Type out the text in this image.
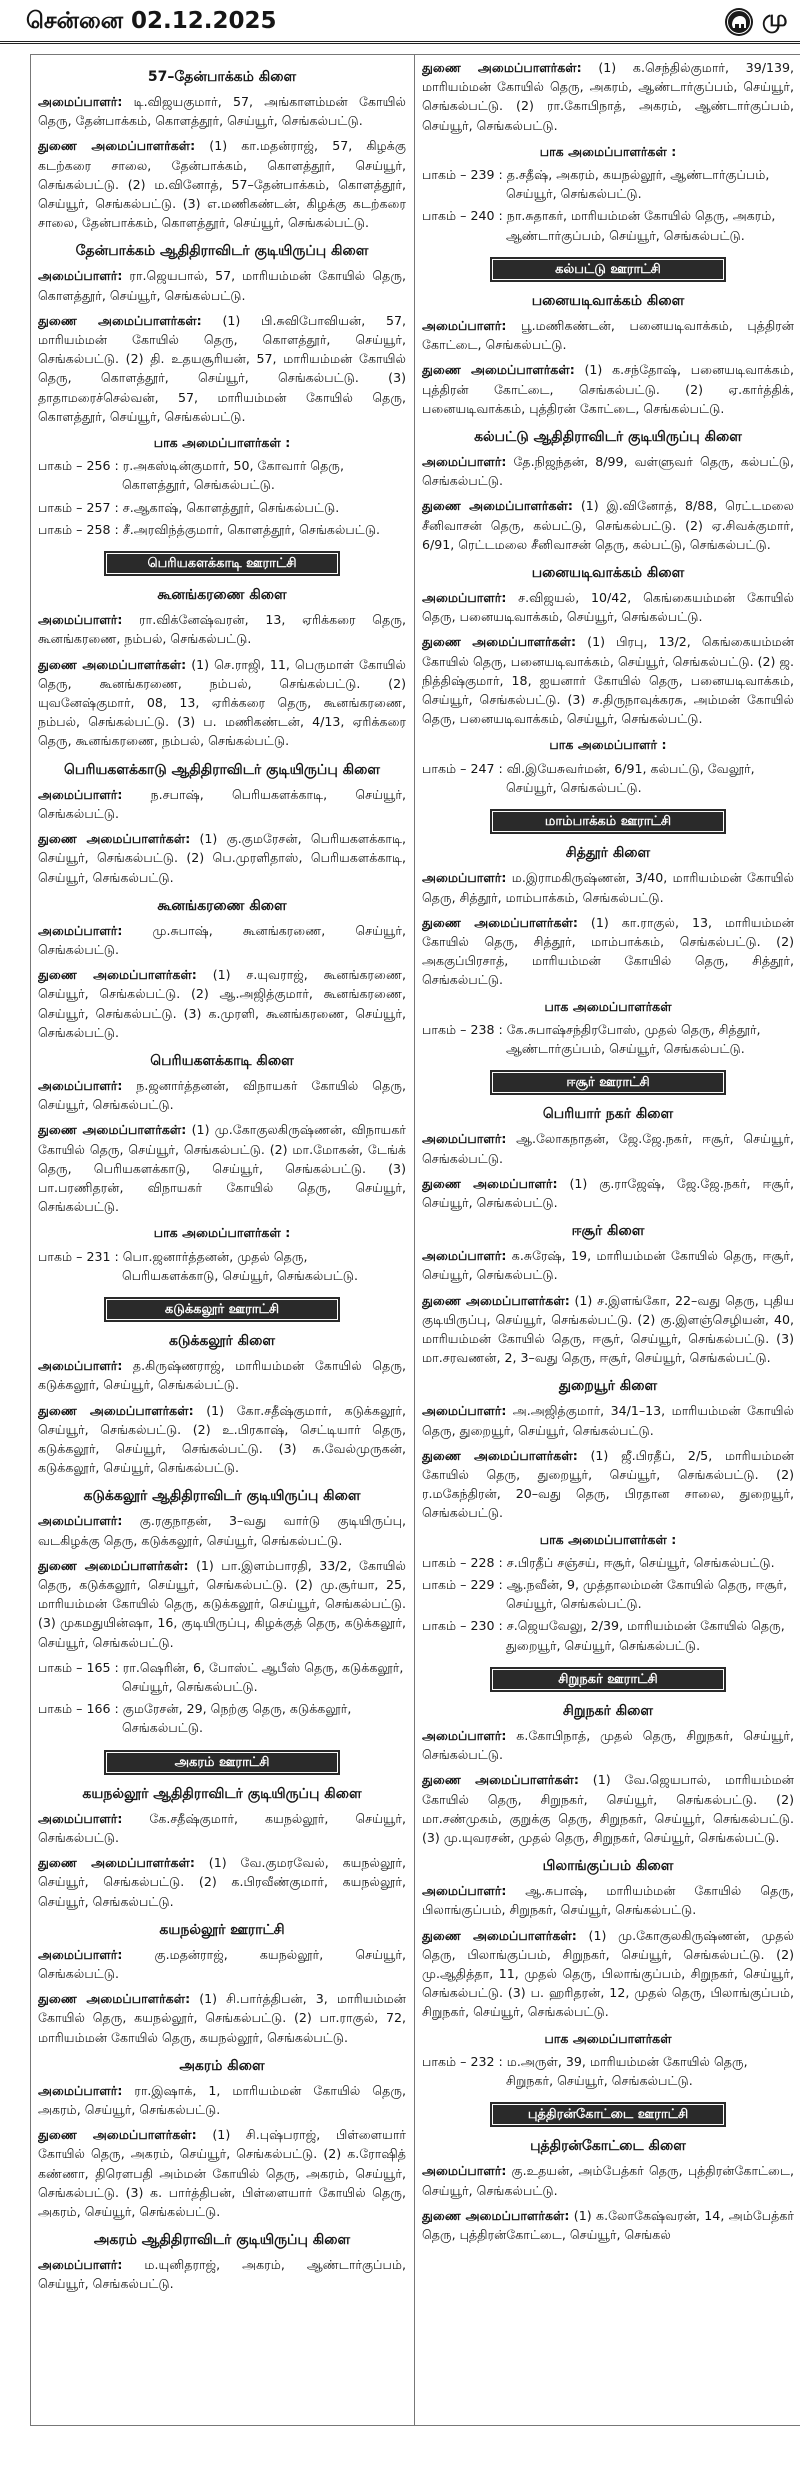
சென்னை 02.12.2025	மு
57–தேன்பாக்கம் கிளை
அமைப்பாளர்: டி.விஜயகுமார், 57, அங்காளம்மன் கோயில் தெரு, தேன்பாக்கம், கொளத்தூர், செய்யூர், செங்கல்பட்டு.
துணை அமைப்பாளர்கள்: (1) கா.மதன்ராஜ், 57, கிழக்கு கடற்கரை சாலை, தேன்பாக்கம், கொளத்தூர், செய்யூர், செங்கல்பட்டு. (2) ம.வினோத், 57–தேன்பாக்கம், கொளத்தூர், செய்யூர், செங்கல்பட்டு. (3) எ.மணிகண்டன், கிழக்கு கடற்கரை சாலை, தேன்பாக்கம், கொளத்தூர், செய்யூர், செங்கல்பட்டு.
தேன்பாக்கம் ஆதிதிராவிடர் குடியிருப்பு கிளை
அமைப்பாளர்: ரா.ஜெயபால், 57, மாரியம்மன் கோயில் தெரு, கொளத்தூர், செய்யூர், செங்கல்பட்டு.
துணை அமைப்பாளர்கள்: (1) பி.சுவிபோவியன், 57, மாரியம்மன் கோயில் தெரு, கொளத்தூர், செய்யூர், செங்கல்பட்டு. (2) தி. உதயசூரியன், 57, மாரியம்மன் கோயில் தெரு, கொளத்தூர், செய்யூர், செங்கல்பட்டு. (3) தாதாமரைச்செல்வன், 57, மாரியம்மன் கோயில் தெரு, கொளத்தூர், செய்யூர், செங்கல்பட்டு.
பாக அமைப்பாளர்கள் :
பாகம் – 256 : ர.அகஸ்டின்குமார், 50, கோவார் தெரு, கொளத்தூர், செங்கல்பட்டு.
பாகம் – 257 : ச.ஆகாஷ், கொளத்தூர், செங்கல்பட்டு.
பாகம் – 258 : சீ.அரவிந்த்குமார், கொளத்தூர், செங்கல்பட்டு.
பெரியகளக்காடி ஊராட்சி
கூனங்கரணை கிளை
அமைப்பாளர்: ரா.விக்னேஷ்வரன், 13, ஏரிக்கரை தெரு, கூனங்கரணை, நம்பல், செங்கல்பட்டு.
துணை அமைப்பாளர்கள்: (1) செ.ராஜி, 11, பெருமாள் கோயில் தெரு, கூனங்கரணை, நம்பல், செங்கல்பட்டு. (2) யுவனேஷ்குமார், 08, 13, ஏரிக்கரை தெரு, கூனங்கரணை, நம்பல், செங்கல்பட்டு. (3) ப. மணிகண்டன், 4/13, ஏரிக்கரை தெரு, கூனங்கரணை, நம்பல், செங்கல்பட்டு.
பெரியகளக்காடு ஆதிதிராவிடர் குடியிருப்பு கிளை
அமைப்பாளர்: ந.சபாஷ், பெரியகளக்காடி, செய்யூர், செங்கல்பட்டு.
துணை அமைப்பாளர்கள்: (1) கு.குமரேசன், பெரியகளக்காடி, செய்யூர், செங்கல்பட்டு. (2) பெ.முரளிதாஸ், பெரியகளக்காடி, செய்யூர், செங்கல்பட்டு.
கூனங்கரணை கிளை
அமைப்பாளர்: மு.சுபாஷ், கூனங்கரணை, செய்யூர், செங்கல்பட்டு.
துணை அமைப்பாளர்கள்: (1) ச.யுவராஜ், கூனங்கரணை, செய்யூர், செங்கல்பட்டு. (2) ஆ.அஜித்குமார், கூனங்கரணை, செய்யூர், செங்கல்பட்டு. (3) க.முரளி, கூனங்கரணை, செய்யூர், செங்கல்பட்டு.
பெரியகளக்காடி கிளை
அமைப்பாளர்: ந.ஜனார்த்தனன், விநாயகர் கோயில் தெரு, செய்யூர், செங்கல்பட்டு.
துணை அமைப்பாளர்கள்: (1) மு.கோகுலகிருஷ்ணன், விநாயகர் கோயில் தெரு, செய்யூர், செங்கல்பட்டு. (2) மா.மோகன், டேங்க் தெரு, பெரியகளக்காடு, செய்யூர், செங்கல்பட்டு. (3) பா.பரணிதரன், விநாயகர் கோயில் தெரு, செய்யூர், செங்கல்பட்டு.
பாக அமைப்பாளர்கள் :
பாகம் – 231 : பொ.ஜனார்த்தனன், முதல் தெரு, பெரியகளக்காடு, செய்யூர், செங்கல்பட்டு.
கடுக்கலூர் ஊராட்சி
கடுக்கலூர் கிளை
அமைப்பாளர்: த.கிருஷ்ணராஜ், மாரியம்மன் கோயில் தெரு, கடுக்கலூர், செய்யூர், செங்கல்பட்டு.
துணை அமைப்பாளர்கள்: (1) கோ.சதீஷ்குமார், கடுக்கலூர், செய்யூர், செங்கல்பட்டு. (2) உ.பிரகாஷ், செட்டியார் தெரு, கடுக்கலூர், செய்யூர், செங்கல்பட்டு. (3) சு.வேல்முருகன், கடுக்கலூர், செய்யூர், செங்கல்பட்டு.
கடுக்கலூர் ஆதிதிராவிடர் குடியிருப்பு கிளை
அமைப்பாளர்: கு.ரகுநாதன், 3–வது வார்டு குடியிருப்பு, வடகிழக்கு தெரு, கடுக்கலூர், செய்யூர், செங்கல்பட்டு.
துணை அமைப்பாளர்கள்: (1) பா.இளம்பாரதி, 33/2, கோயில் தெரு, கடுக்கலூர், செய்யூர், செங்கல்பட்டு. (2) மு.சூர்யா, 25, மாரியம்மன் கோயில் தெரு, கடுக்கலூர், செய்யூர், செங்கல்பட்டு. (3) முகமதுயின்ஷா, 16, குடியிருப்பு, கிழக்குத் தெரு, கடுக்கலூர், செய்யூர், செங்கல்பட்டு.
பாகம் – 165 : ரா.ஷெரின், 6, போஸ்ட் ஆபீஸ் தெரு, கடுக்கலூர், செய்யூர், செங்கல்பட்டு.
பாகம் – 166 : குமரேசன், 29, நெற்கு தெரு, கடுக்கலூர், செங்கல்பட்டு.
அகரம் ஊராட்சி
கயநல்லூர் ஆதிதிராவிடர் குடியிருப்பு கிளை
அமைப்பாளர்: கே.சதீஷ்குமார், கயநல்லூர், செய்யூர், செங்கல்பட்டு.
துணை அமைப்பாளர்கள்: (1) வே.குமரவேல், கயநல்லூர், செய்யூர், செங்கல்பட்டு. (2) க.பிரவீண்குமார், கயநல்லூர், செய்யூர், செங்கல்பட்டு.
கயநல்லூர் ஊராட்சி
அமைப்பாளர்: கு.மதன்ராஜ், கயநல்லூர், செய்யூர், செங்கல்பட்டு.
துணை அமைப்பாளர்கள்: (1) சி.பார்த்திபன், 3, மாரியம்மன் கோயில் தெரு, கயநல்லூர், செங்கல்பட்டு. (2) பா.ராகுல், 72, மாரியம்மன் கோயில் தெரு, கயநல்லூர், செங்கல்பட்டு.
அகரம் கிளை
அமைப்பாளர்: ரா.இஷாக், 1, மாரியம்மன் கோயில் தெரு, அகரம், செய்யூர், செங்கல்பட்டு.
துணை அமைப்பாளர்கள்: (1) சி.புஷ்பராஜ், பிள்ளையார் கோயில் தெரு, அகரம், செய்யூர், செங்கல்பட்டு. (2) க.ரோஷித் கண்ணா, திரௌபதி அம்மன் கோயில் தெரு, அகரம், செய்யூர், செங்கல்பட்டு. (3) க. பார்த்திபன், பிள்ளையார் கோயில் தெரு, அகரம், செய்யூர், செங்கல்பட்டு.
அகரம் ஆதிதிராவிடர் குடியிருப்பு கிளை
அமைப்பாளர்: ம.யுனிதராஜ், அகரம், ஆண்டார்குப்பம், செய்யூர், செங்கல்பட்டு.
துணை அமைப்பாளர்கள்: (1) க.செந்தில்குமார், 39/139, மாரியம்மன் கோயில் தெரு, அகரம், ஆண்டார்குப்பம், செய்யூர், செங்கல்பட்டு. (2) ரா.கோபிநாத், அகரம், ஆண்டார்குப்பம், செய்யூர், செங்கல்பட்டு.
பாக அமைப்பாளர்கள் :
பாகம் – 239 : த.சதீஷ், அகரம், கயநல்லூர், ஆண்டார்குப்பம், செய்யூர், செங்கல்பட்டு.
பாகம் – 240 : நா.சுதாகர், மாரியம்மன் கோயில் தெரு, அகரம், ஆண்டார்குப்பம், செய்யூர், செங்கல்பட்டு.
கல்பட்டு ஊராட்சி
பனையடிவாக்கம் கிளை
அமைப்பாளர்: பூ.மணிகண்டன், பனையடிவாக்கம், புத்திரன் கோட்டை, செங்கல்பட்டு.
துணை அமைப்பாளர்கள்: (1) க.சந்தோஷ், பனையடிவாக்கம், புத்திரன் கோட்டை, செங்கல்பட்டு. (2) ஏ.கார்த்திக், பனையடிவாக்கம், புத்திரன் கோட்டை, செங்கல்பட்டு.
கல்பட்டு ஆதிதிராவிடர் குடியிருப்பு கிளை
அமைப்பாளர்: தே.நிஜந்தன், 8/99, வள்ளுவர் தெரு, கல்பட்டு, செங்கல்பட்டு.
துணை அமைப்பாளர்கள்: (1) இ.வினோத், 8/88, ரெட்டமலை சீனிவாசன் தெரு, கல்பட்டு, செங்கல்பட்டு. (2) ஏ.சிவக்குமார், 6/91, ரெட்டமலை சீனிவாசன் தெரு, கல்பட்டு, செங்கல்பட்டு.
பனையடிவாக்கம் கிளை
அமைப்பாளர்: ச.விஜயல், 10/42, கெங்கையம்மன் கோயில் தெரு, பனையடிவாக்கம், செய்யூர், செங்கல்பட்டு.
துணை அமைப்பாளர்கள்: (1) பிரபு, 13/2, கெங்கையம்மன் கோயில் தெரு, பனையடிவாக்கம், செய்யூர், செங்கல்பட்டு. (2) ஜ. நித்திஷ்குமார், 18, ஐயனார் கோயில் தெரு, பனையடிவாக்கம், செய்யூர், செங்கல்பட்டு. (3) ச.திருநாவுக்கரசு, அம்மன் கோயில் தெரு, பனையடிவாக்கம், செய்யூர், செங்கல்பட்டு.
பாக அமைப்பாளர் :
பாகம் – 247 : வி.இயேசுவர்மன், 6/91, கல்பட்டு, வேலூர், செய்யூர், செங்கல்பட்டு.
மாம்பாக்கம் ஊராட்சி
சித்தூர் கிளை
அமைப்பாளர்: ம.இராமகிருஷ்ணன், 3/40, மாரியம்மன் கோயில் தெரு, சித்தூர், மாம்பாக்கம், செங்கல்பட்டு.
துணை அமைப்பாளர்கள்: (1) கா.ராகுல், 13, மாரியம்மன் கோயில் தெரு, சித்தூர், மாம்பாக்கம், செங்கல்பட்டு. (2) அககுப்பிரசாத், மாரியம்மன் கோயில் தெரு, சித்தூர், செங்கல்பட்டு.
பாக அமைப்பாளர்கள்
பாகம் – 238 : கே.சுபாஷ்சந்திரபோஸ், முதல் தெரு, சித்தூர், ஆண்டார்குப்பம், செய்யூர், செங்கல்பட்டு.
ஈசூர் ஊராட்சி
பெரியார் நகர் கிளை
அமைப்பாளர்: ஆ.லோகநாதன், ஜே.ஜே.நகர், ஈசூர், செய்யூர், செங்கல்பட்டு.
துணை அமைப்பாளர்: (1) கு.ராஜேஷ், ஜே.ஜே.நகர், ஈசூர், செய்யூர், செங்கல்பட்டு.
ஈசூர் கிளை
அமைப்பாளர்: க.சுரேஷ், 19, மாரியம்மன் கோயில் தெரு, ஈசூர், செய்யூர், செங்கல்பட்டு.
துணை அமைப்பாளர்கள்: (1) ச.இளங்கோ, 22–வது தெரு, புதிய குடியிருப்பு, செய்யூர், செங்கல்பட்டு. (2) கு.இளஞ்செழியன், 40, மாரியம்மன் கோயில் தெரு, ஈசூர், செய்யூர், செங்கல்பட்டு. (3) மா.சரவணன், 2, 3–வது தெரு, ஈசூர், செய்யூர், செங்கல்பட்டு.
துறையூர் கிளை
அமைப்பாளர்: அ.அஜித்குமார், 34/1–13, மாரியம்மன் கோயில் தெரு, துறையூர், செய்யூர், செங்கல்பட்டு.
துணை அமைப்பாளர்கள்: (1) ஜீ.பிரதீப், 2/5, மாரியம்மன் கோயில் தெரு, துறையூர், செய்யூர், செங்கல்பட்டு. (2) ர.மகேந்திரன், 20–வது தெரு, பிரதான சாலை, துறையூர், செங்கல்பட்டு.
பாக அமைப்பாளர்கள் :
பாகம் – 228 : ச.பிரதீப் சஞ்சய், ஈசூர், செய்யூர், செங்கல்பட்டு.
பாகம் – 229 : ஆ.நவீன், 9, முத்தாலம்மன் கோயில் தெரு, ஈசூர், செய்யூர், செங்கல்பட்டு.
பாகம் – 230 : ச.ஜெயவேலு, 2/39, மாரியம்மன் கோயில் தெரு, துறையூர், செய்யூர், செங்கல்பட்டு.
சிறுநகர் ஊராட்சி
சிறுநகர் கிளை
அமைப்பாளர்: க.கோபிநாத், முதல் தெரு, சிறுநகர், செய்யூர், செங்கல்பட்டு.
துணை அமைப்பாளர்கள்: (1) வே.ஜெயபால், மாரியம்மன் கோயில் தெரு, சிறுநகர், செய்யூர், செங்கல்பட்டு. (2) மா.சண்முகம், குறுக்கு தெரு, சிறுநகர், செய்யூர், செங்கல்பட்டு. (3) மு.யுவரசன், முதல் தெரு, சிறுநகர், செய்யூர், செங்கல்பட்டு.
பிலாங்குப்பம் கிளை
அமைப்பாளர்: ஆ.சுபாஷ், மாரியம்மன் கோயில் தெரு, பிலாங்குப்பம், சிறுநகர், செய்யூர், செங்கல்பட்டு.
துணை அமைப்பாளர்கள்: (1) மு.கோகுலகிருஷ்ணன், முதல் தெரு, பிலாங்குப்பம், சிறுநகர், செய்யூர், செங்கல்பட்டு. (2) மு.ஆதித்தா, 11, முதல் தெரு, பிலாங்குப்பம், சிறுநகர், செய்யூர், செங்கல்பட்டு. (3) ப. ஹரிதரன், 12, முதல் தெரு, பிலாங்குப்பம், சிறுநகர், செய்யூர், செங்கல்பட்டு.
பாக அமைப்பாளர்கள்
பாகம் – 232 : ம.அருள், 39, மாரியம்மன் கோயில் தெரு, சிறுநகர், செய்யூர், செங்கல்பட்டு.
புத்திரன்கோட்டை ஊராட்சி
புத்திரன்கோட்டை கிளை
அமைப்பாளர்: கு.உதயன், அம்பேத்கர் தெரு, புத்திரன்கோட்டை, செய்யூர், செங்கல்பட்டு.
துணை அமைப்பாளர்கள்: (1) க.லோகேஷ்வரன், 14, அம்பேத்கர் தெரு, புத்திரன்கோட்டை, செய்யூர், செங்கல்
